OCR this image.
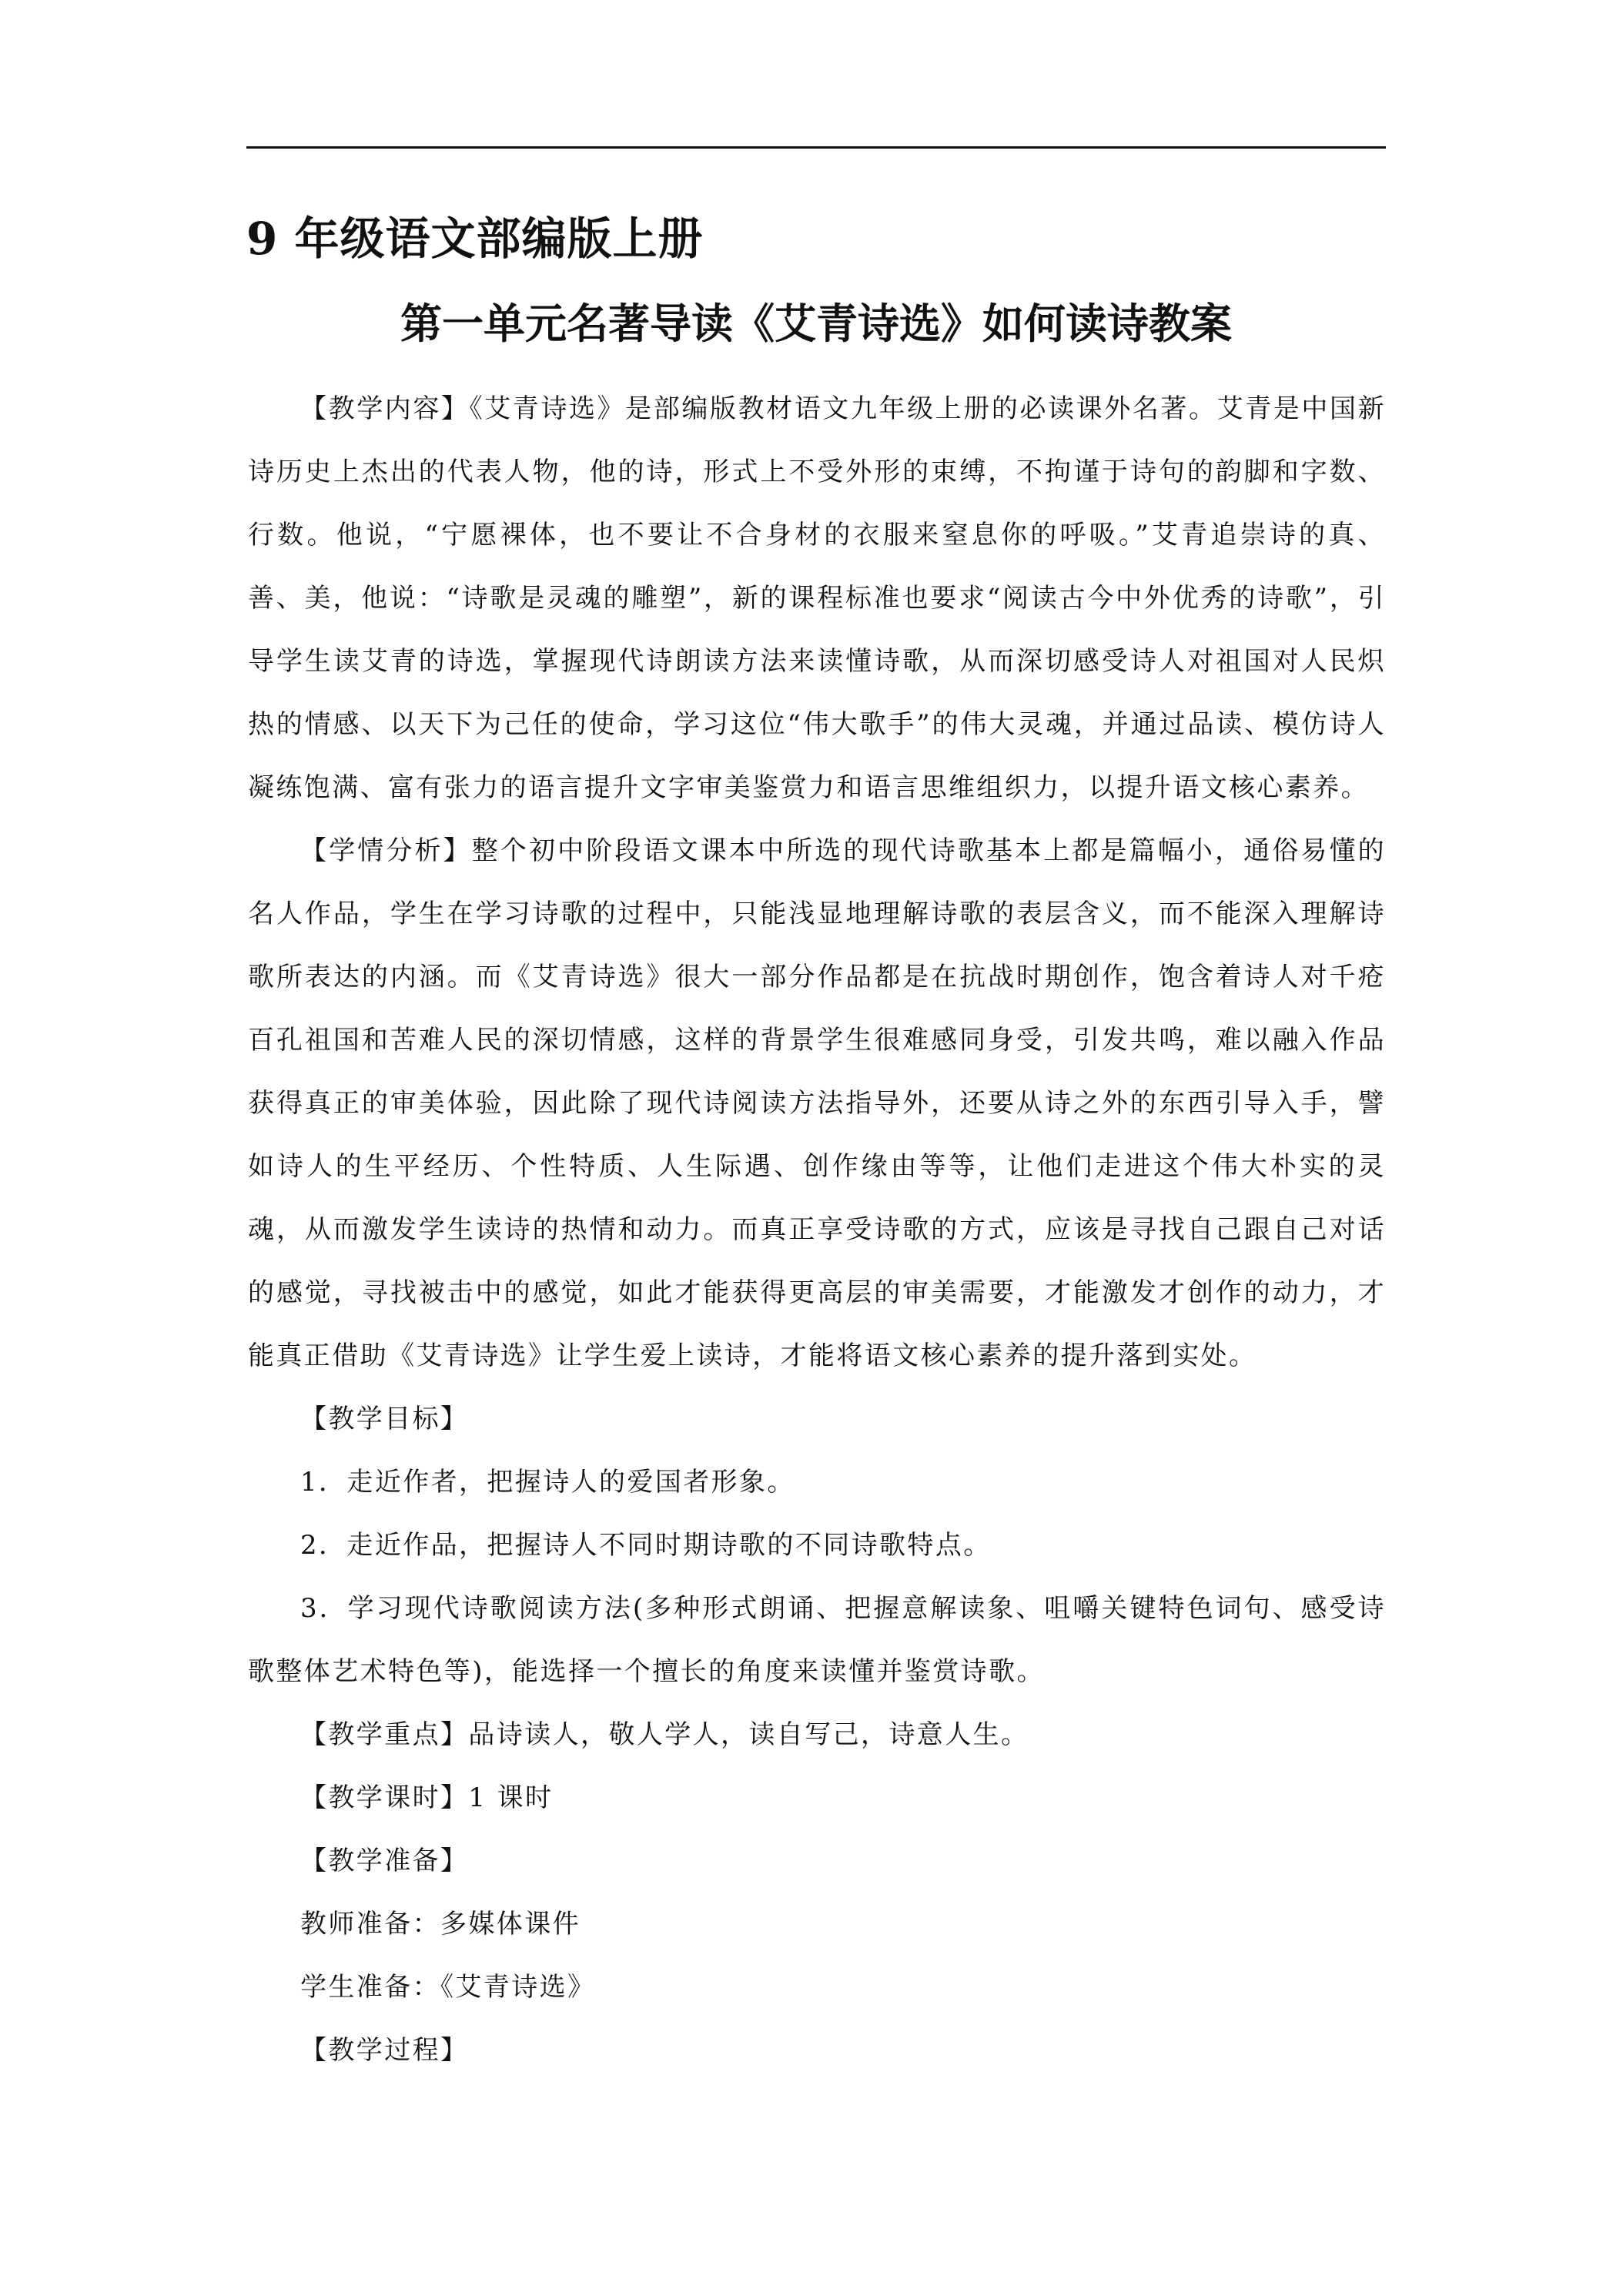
9 年级语文部编版上册
第一单元名著导读《艾青诗选》如何读诗教案

【教学内容】《艾青诗选》是部编版教材语文九年级上册的必读课外名著。艾青是中国新诗历史上杰出的代表人物，他的诗，形式上不受外形的束缚，不拘谨于诗句的韵脚和字数、行数。他说，“宁愿裸体，也不要让不合身材的衣服来窒息你的呼吸。”艾青追崇诗的真、善、美，他说：“诗歌是灵魂的雕塑”，新的课程标准也要求“阅读古今中外优秀的诗歌”，引导学生读艾青的诗选，掌握现代诗朗读方法来读懂诗歌，从而深切感受诗人对祖国对人民炽热的情感、以天下为己任的使命，学习这位“伟大歌手”的伟大灵魂，并通过品读、模仿诗人凝练饱满、富有张力的语言提升文字审美鉴赏力和语言思维组织力，以提升语文核心素养。

【学情分析】整个初中阶段语文课本中所选的现代诗歌基本上都是篇幅小，通俗易懂的名人作品，学生在学习诗歌的过程中，只能浅显地理解诗歌的表层含义，而不能深入理解诗歌所表达的内涵。而《艾青诗选》很大一部分作品都是在抗战时期创作，饱含着诗人对千疮百孔祖国和苦难人民的深切情感，这样的背景学生很难感同身受，引发共鸣，难以融入作品获得真正的审美体验，因此除了现代诗阅读方法指导外，还要从诗之外的东西引导入手，譬如诗人的生平经历、个性特质、人生际遇、创作缘由等等，让他们走进这个伟大朴实的灵魂，从而激发学生读诗的热情和动力。而真正享受诗歌的方式，应该是寻找自己跟自己对话的感觉，寻找被击中的感觉，如此才能获得更高层的审美需要，才能激发才创作的动力，才能真正借助《艾青诗选》让学生爱上读诗，才能将语文核心素养的提升落到实处。

【教学目标】

1．走近作者，把握诗人的爱国者形象。

2．走近作品，把握诗人不同时期诗歌的不同诗歌特点。

3．学习现代诗歌阅读方法(多种形式朗诵、把握意解读象、咀嚼关键特色词句、感受诗歌整体艺术特色等)，能选择一个擅长的角度来读懂并鉴赏诗歌。

【教学重点】品诗读人，敬人学人，读自写己，诗意人生。

【教学课时】1 课时

【教学准备】

教师准备：多媒体课件

学生准备：《艾青诗选》

【教学过程】
